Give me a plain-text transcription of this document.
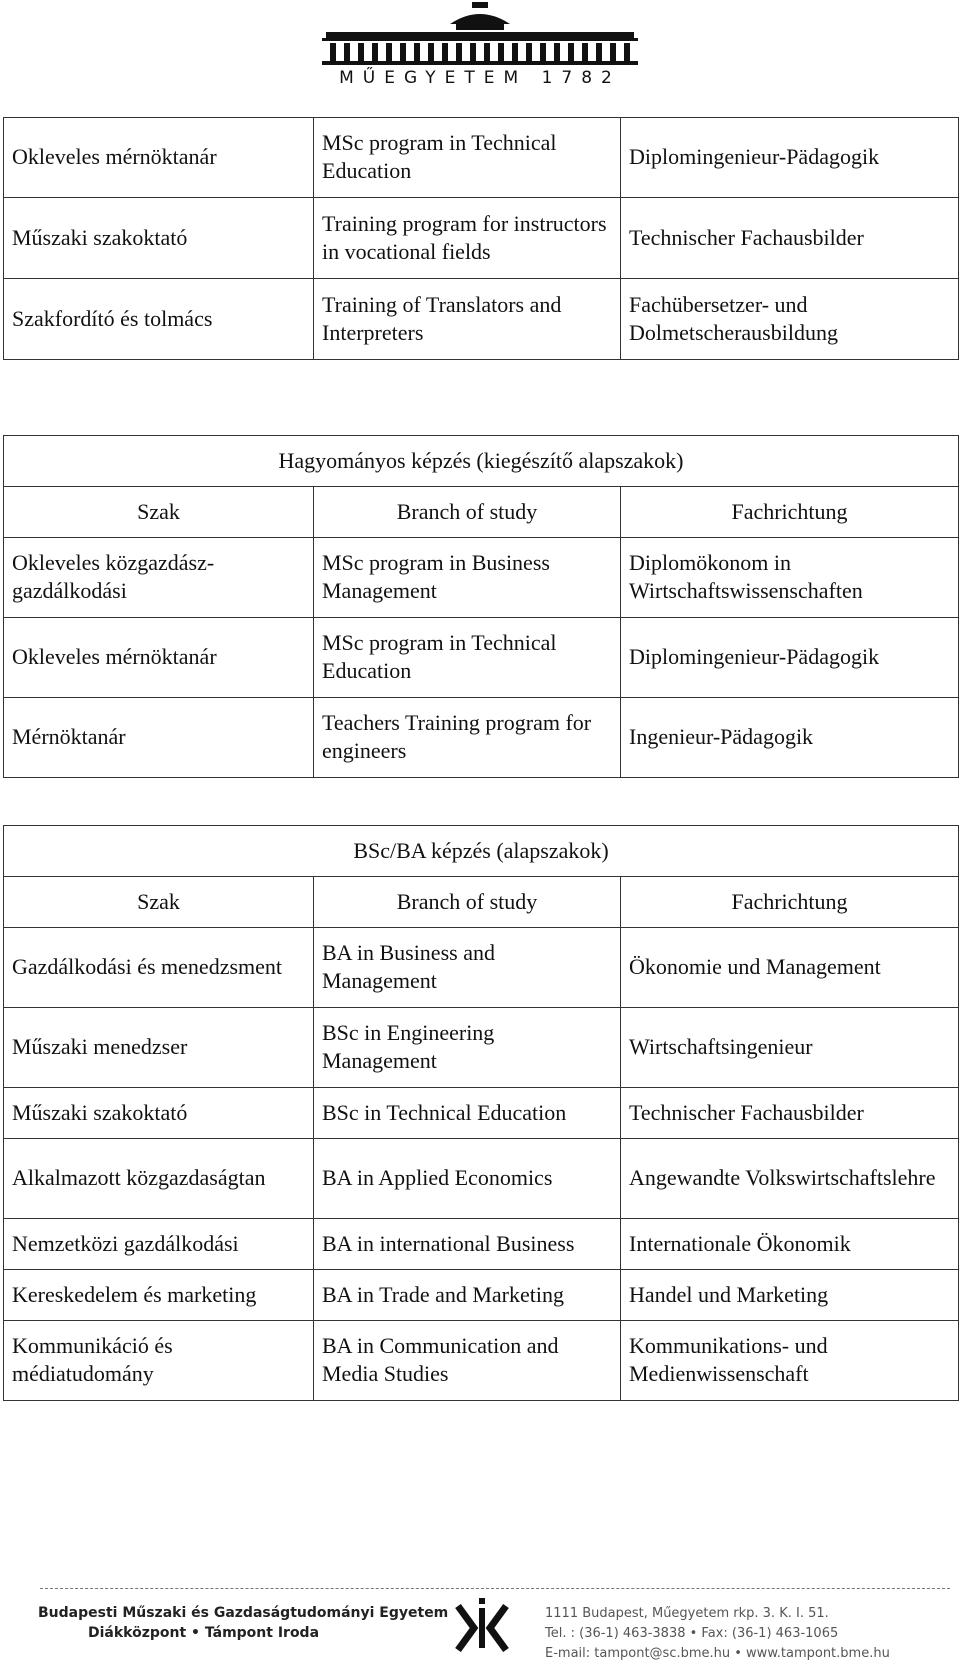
MŰEGYETEM 1782
Okleveles mérnöktanár	MSc program in Technical Education	Diplomingenieur-Pädagogik
Műszaki szakoktató	Training program for instructors in vocational fields	Technischer Fachausbilder
Szakfordító és tolmács	Training of Translators and Interpreters	Fachübersetzer- und Dolmetscherausbildung
Hagyományos képzés (kiegészítő alapszakok)		
Szak	Branch of study	Fachrichtung
Okleveles közgazdász-gazdálkodási	MSc program in Business Management	Diplomökonom in Wirtschaftswissenschaften
Okleveles mérnöktanár	MSc program in Technical Education	Diplomingenieur-Pädagogik
Mérnöktanár	Teachers Training program for engineers	Ingenieur-Pädagogik
BSc/BA képzés (alapszakok)		
Szak	Branch of study	Fachrichtung
Gazdálkodási és menedzsment	BA in Business and Management	Ökonomie und Management
Műszaki menedzser	BSc in Engineering Management	Wirtschaftsingenieur
Műszaki szakoktató	BSc in Technical Education	Technischer Fachausbilder
Alkalmazott közgazdaságtan	BA in Applied Economics	Angewandte Volkswirtschaftslehre
Nemzetközi gazdálkodási	BA in international Business	Internationale Ökonomik
Kereskedelem és marketing	BA in Trade and Marketing	Handel und Marketing
Kommunikáció és médiatudomány	BA in Communication and Media Studies	Kommunikations- und Medienwissenschaft
Budapesti Műszaki és Gazdaságtudományi Egyetem
Diákközpont • Támpont Iroda
1111 Budapest, Műegyetem rkp. 3. K. I. 51.
Tel. : (36-1) 463-3838 • Fax: (36-1) 463-1065
E-mail: tampont@sc.bme.hu • www.tampont.bme.hu
